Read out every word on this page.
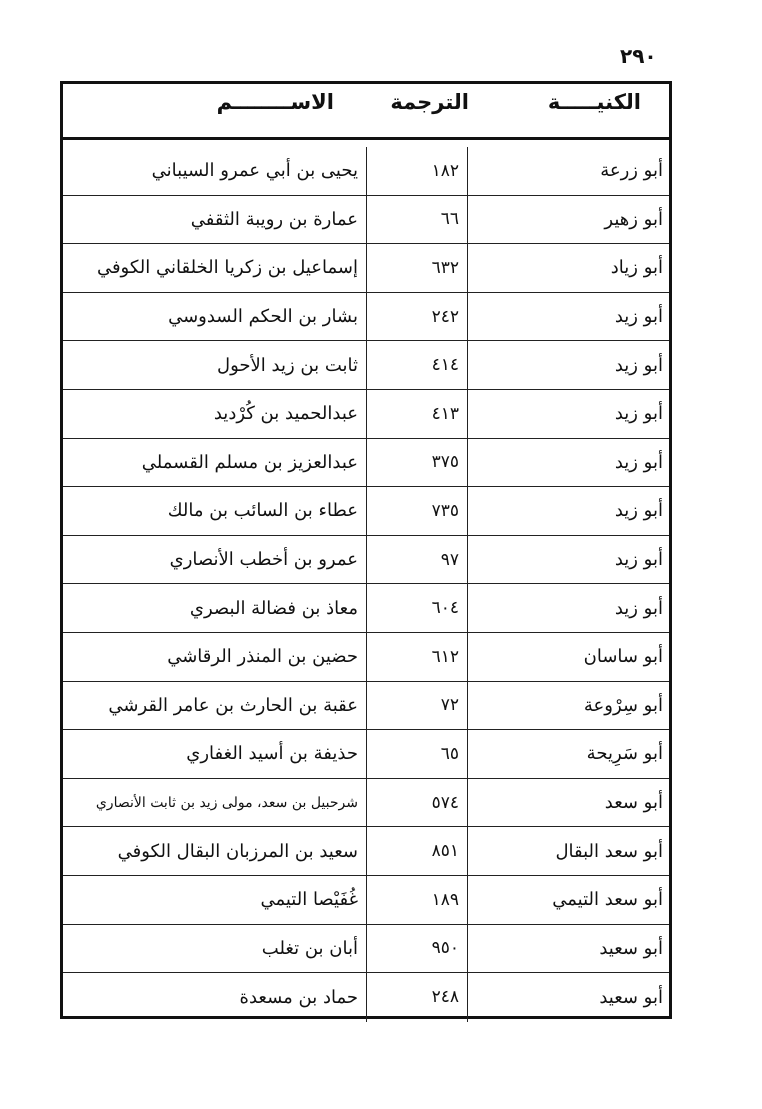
٢٩٠
الكنيـــــة
الترجمة
الاســــــــم
أبو زرعة
١٨٢
يحيى بن أبي عمرو السيباني
أبو زهير
٦٦
عمارة بن رويبة الثقفي
أبو زياد
٦٣٢
إسماعيل بن زكريا الخلقاني الكوفي
أبو زيد
٢٤٢
بشار بن الحكم السدوسي
أبو زيد
٤١٤
ثابت بن زيد الأحول
أبو زيد
٤١٣
عبدالحميد بن كُرْديد
أبو زيد
٣٧٥
عبدالعزيز بن مسلم القسملي
أبو زيد
٧٣٥
عطاء بن السائب بن مالك
أبو زيد
٩٧
عمرو بن أخطب الأنصاري
أبو زيد
٦٠٤
معاذ بن فضالة البصري
أبو ساسان
٦١٢
حضين بن المنذر الرقاشي
أبو سِرْوعة
٧٢
عقبة بن الحارث بن عامر القرشي
أبو سَرِيحة
٦٥
حذيفة بن أسيد الغفاري
أبو سعد
٥٧٤
شرحبيل بن سعد، مولى زيد بن ثابت الأنصاري
أبو سعد البقال
٨٥١
سعيد بن المرزبان البقال الكوفي
أبو سعد التيمي
١٨٩
غُفَيْصا التيمي
أبو سعيد
٩٥٠
أبان بن تغلب
أبو سعيد
٢٤٨
حماد بن مسعدة
